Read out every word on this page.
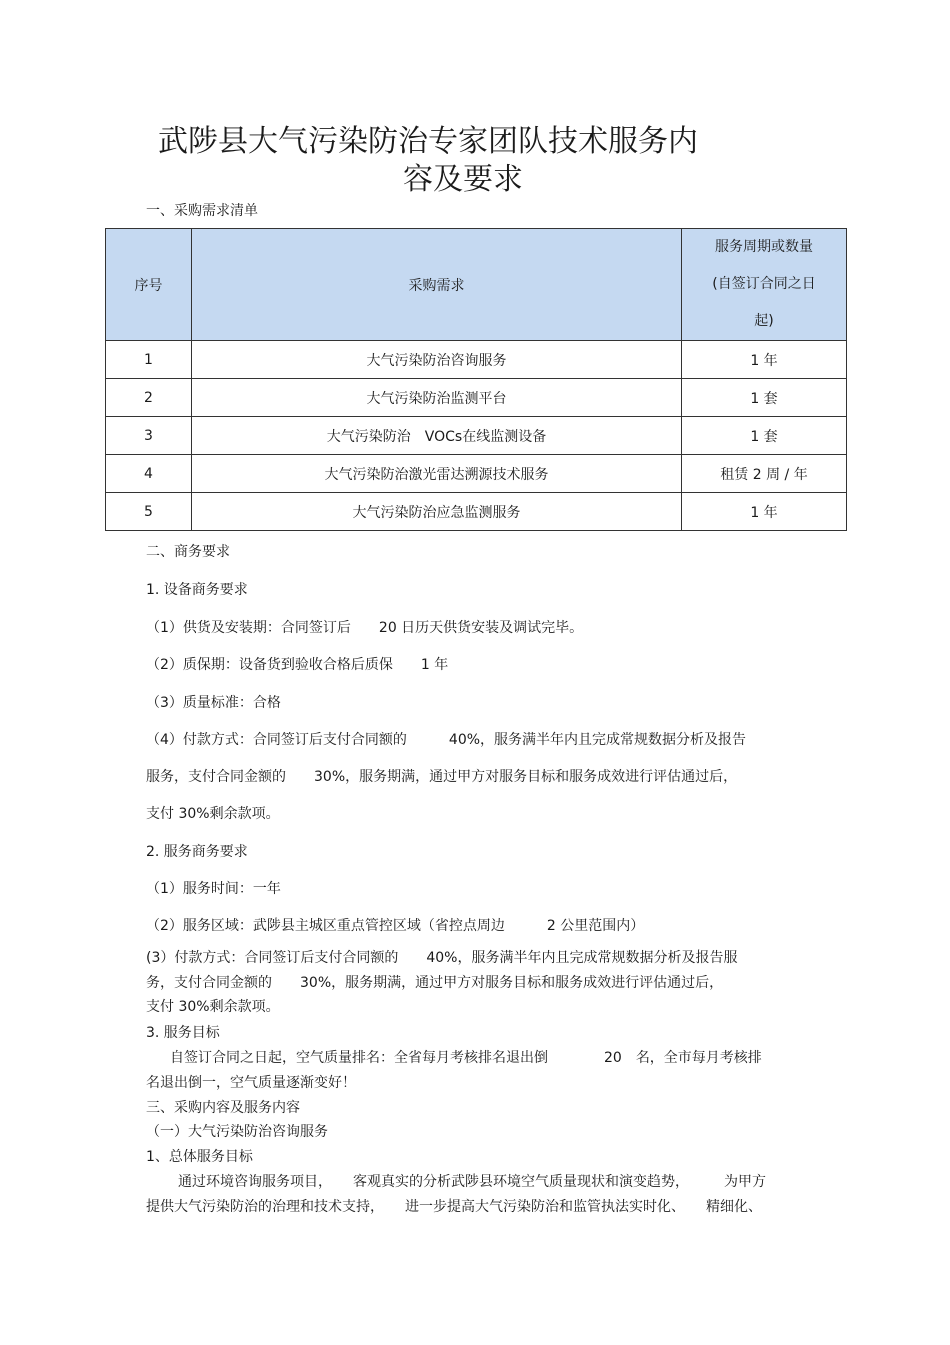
武陟县大气污染防治专家团队技术服务内
容及要求
一、采购需求清单
序号	采购需求	服务周期或数量
(自签订合同之日
起)

1	大气污染防治咨询服务	1 年
2	大气污染防治监测平台	1 套
3	大气污染防治　VOCs在线监测设备	1 套
4	大气污染防治激光雷达溯源技术服务	租赁 2 周 / 年
5	大气污染防治应急监测服务	1 年
二、商务要求
1. 设备商务要求
（1）供货及安装期：合同签订后　　20 日历天供货安装及调试完毕。
（2）质保期：设备货到验收合格后质保　　1 年
（3）质量标准：合格
（4）付款方式：合同签订后支付合同额的　　　40%，服务满半年内且完成常规数据分析及报告
服务，支付合同金额的　　30%，服务期满，通过甲方对服务目标和服务成效进行评估通过后，
支付 30%剩余款项。
2. 服务商务要求
（1）服务时间：一年
（2）服务区域：武陟县主城区重点管控区域（省控点周边　　　2 公里范围内）
(3）付款方式：合同签订后支付合同额的　　40%，服务满半年内且完成常规数据分析及报告服
务，支付合同金额的　　30%，服务期满，通过甲方对服务目标和服务成效进行评估通过后，
支付 30%剩余款项。
3. 服务目标
自签订合同之日起，空气质量排名：全省每月考核排名退出倒　　　　20　名，全市每月考核排
名退出倒一，空气质量逐渐变好！
三、采购内容及服务内容
（一）大气污染防治咨询服务
1、总体服务目标
通过环境咨询服务项目，　　客观真实的分析武陟县环境空气质量现状和演变趋势，　　　为甲方
提供大气污染防治的治理和技术支持，　　进一步提高大气污染防治和监管执法实时化、　　精细化、
